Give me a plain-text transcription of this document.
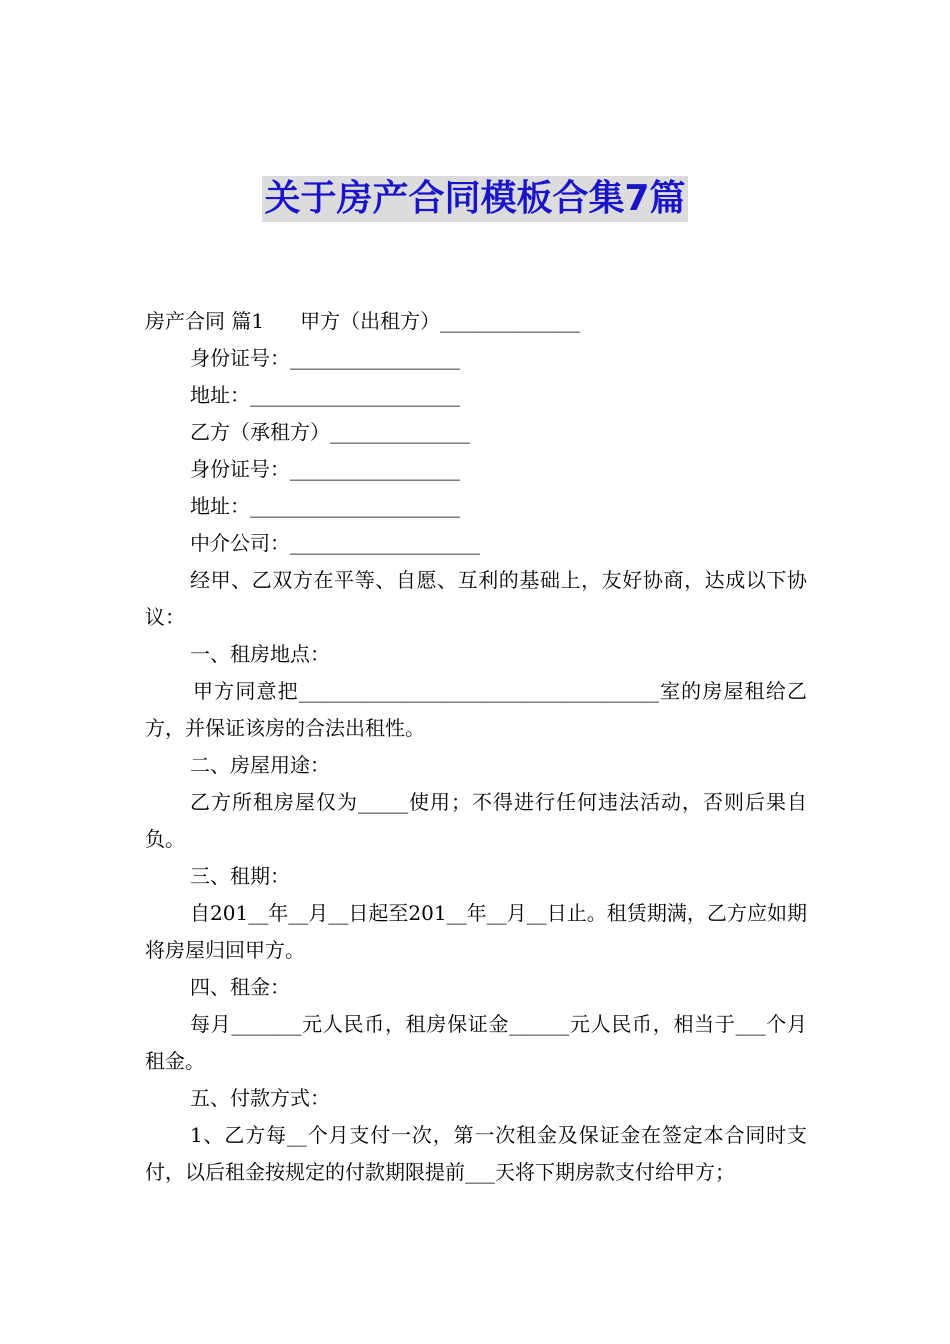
关于房产合同模板合集7篇

房产合同 篇1 甲方（出租方）______________

身份证号：_________________

地址：_____________________

乙方（承租方）______________

身份证号：_________________

地址：_____________________

中介公司：___________________

经甲、乙双方在平等、自愿、互利的基础上，友好协商，达成以下协议：

一、租房地点：

甲方同意把____________________________________室的房屋租给乙方，并保证该房的合法出租性。

二、房屋用途：

乙方所租房屋仅为_____使用；不得进行任何违法活动，否则后果自负。

三、租期：

自201__年__月__日起至201__年__月__日止。租赁期满，乙方应如期将房屋归回甲方。

四、租金：

每月_______元人民币，租房保证金______元人民币，相当于___个月租金。

五、付款方式：

1、乙方每__个月支付一次，第一次租金及保证金在签定本合同时支付，以后租金按规定的付款期限提前___天将下期房款支付给甲方；
